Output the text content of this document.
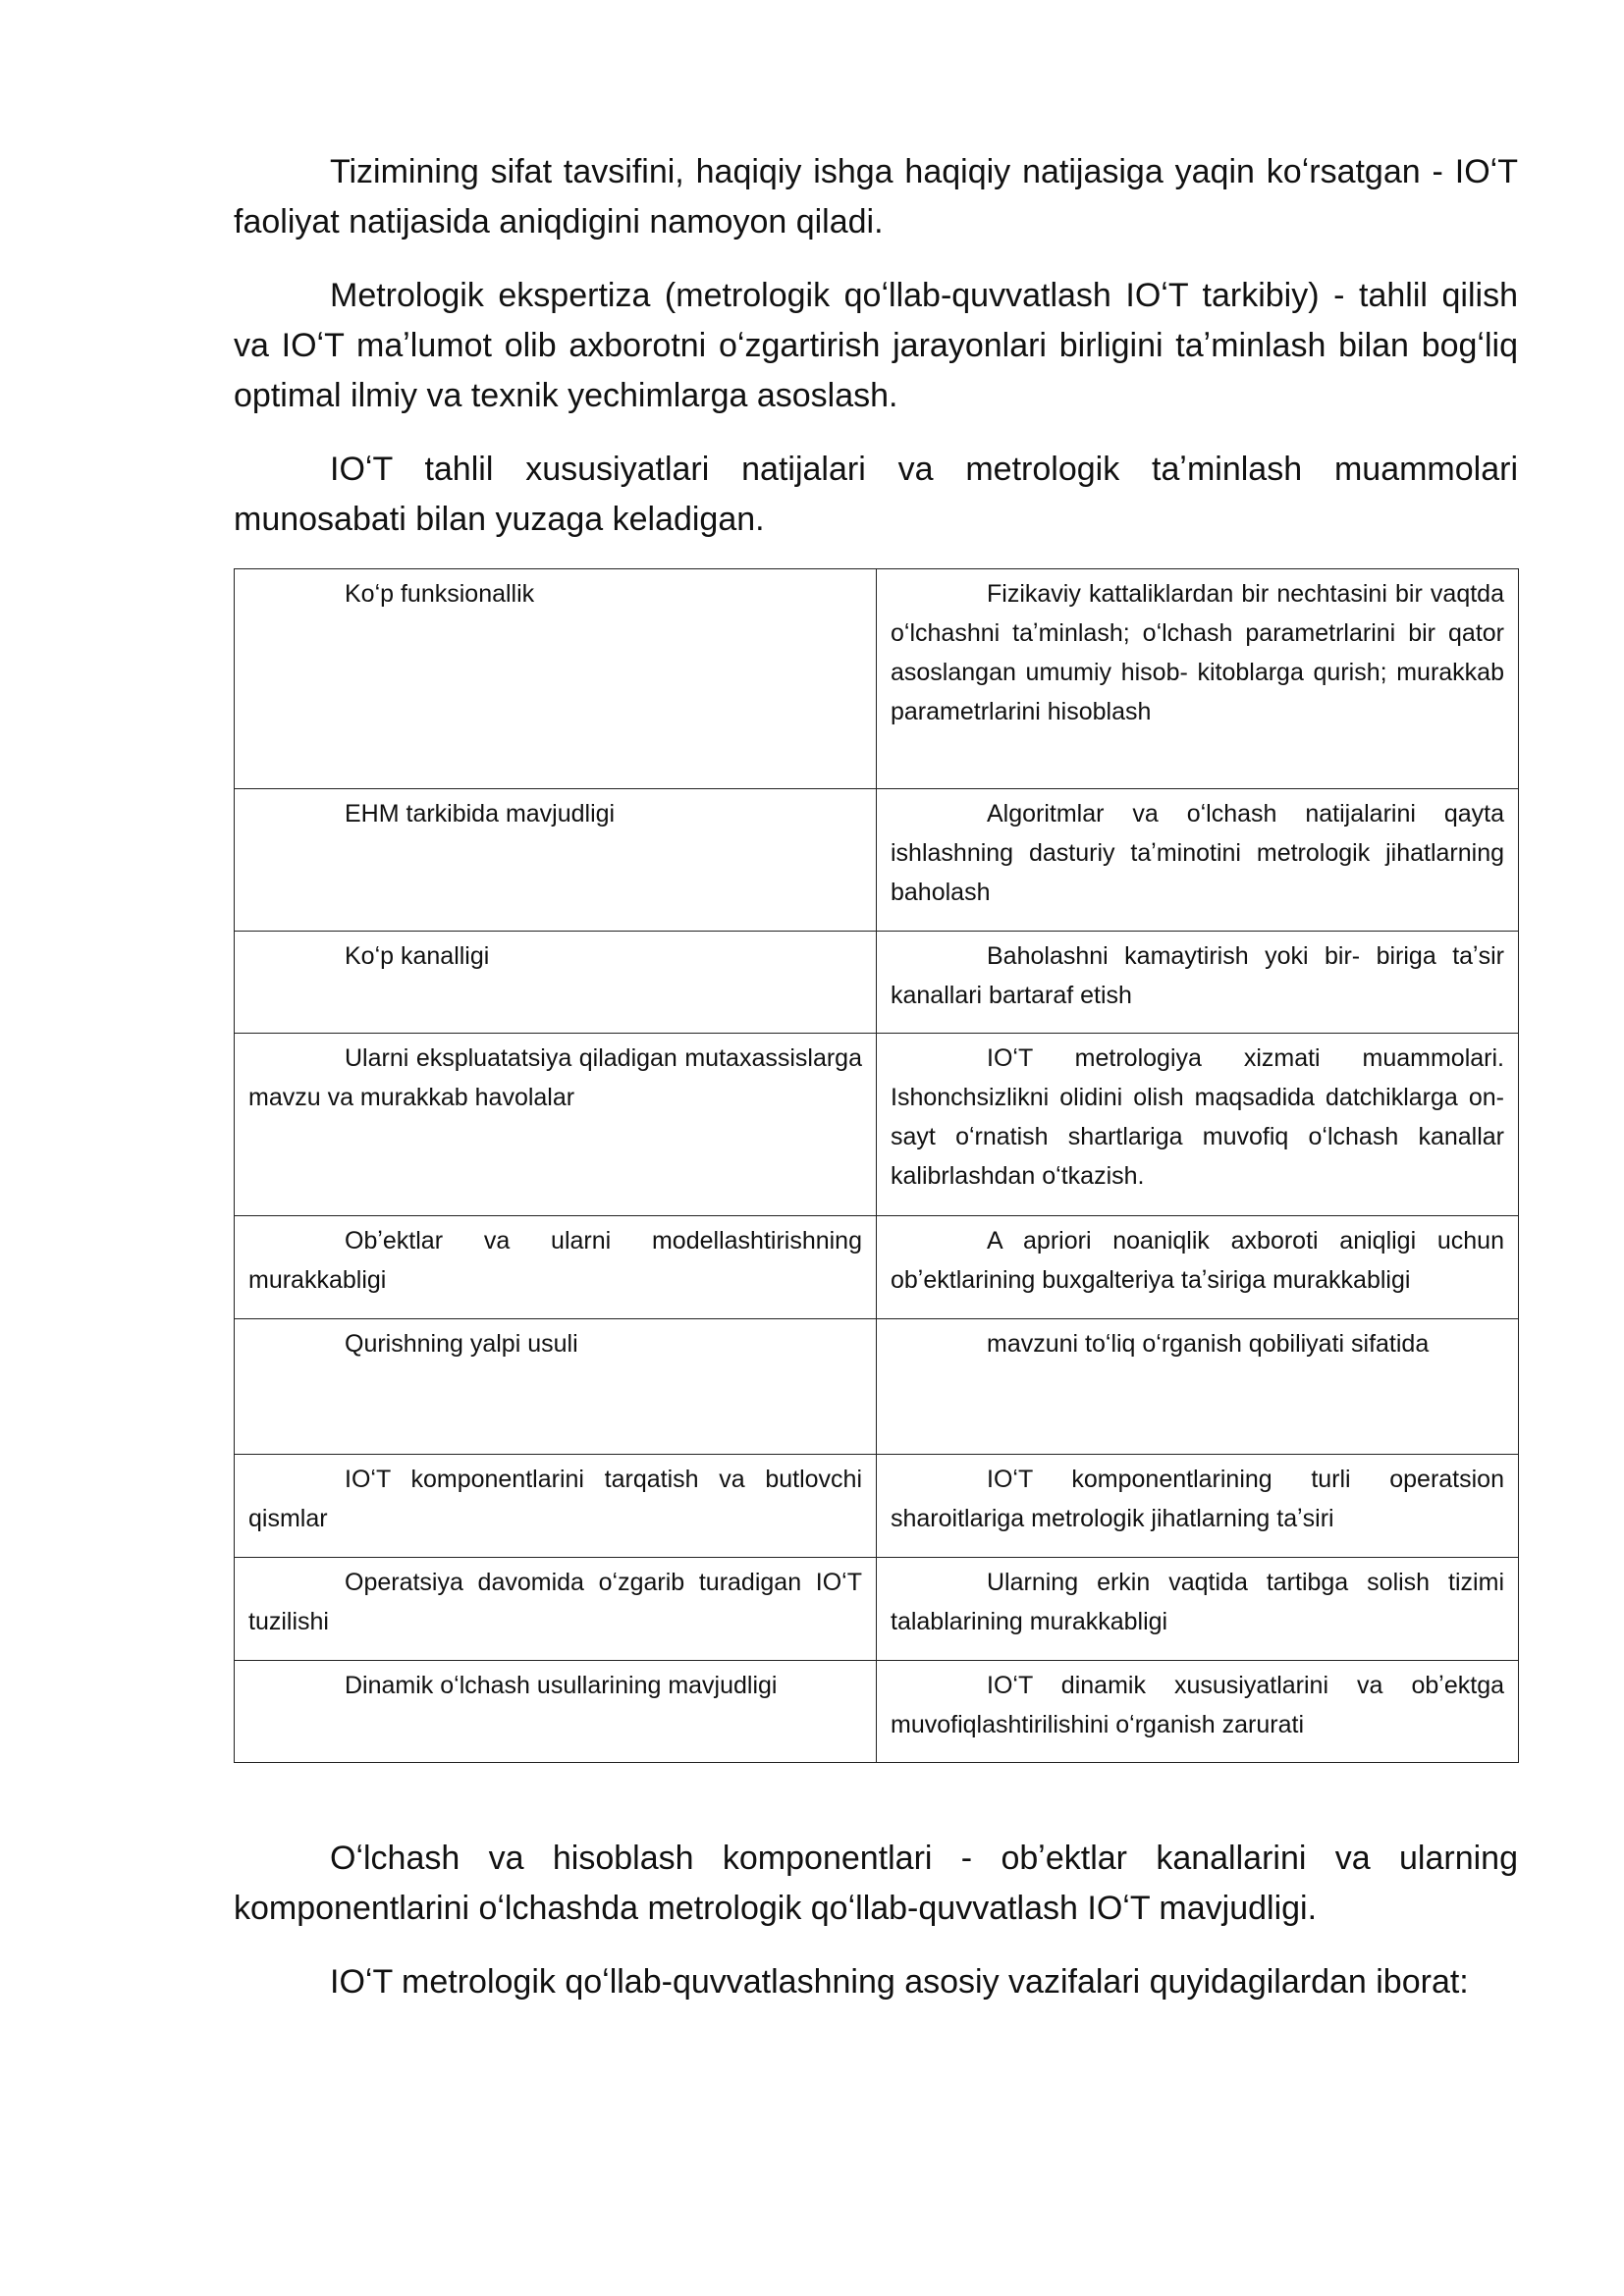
Tizimining sifat tavsifini, haqiqiy ishga haqiqiy natijasiga yaqin koʻrsatgan - IOʻT faoliyat natijasida aniqdigini namoyon qiladi.

Metrologik ekspertiza (metrologik qoʻllab-quvvatlash IOʻT tarkibiy) - tahlil qilish va IOʻT maʼlumot olib axborotni oʻzgartirish jarayonlari birligini taʼminlash bilan bogʻliq optimal ilmiy va texnik yechimlarga asoslash.

IOʻT tahlil xususiyatlari natijalari va metrologik taʼminlash muammolari munosabati bilan yuzaga keladigan.

Koʻp funksionallik	Fizikaviy kattaliklardan bir nechtasini bir vaqtda oʻlchashni taʼminlash; oʻlchash parametrlarini bir qator asoslangan umumiy hisob- kitoblarga qurish; murakkab parametrlarini hisoblash
EHM tarkibida mavjudligi	Algoritmlar va oʻlchash natijalarini qayta ishlashning dasturiy taʼminotini metrologik jihatlarning baholash
Koʻp kanalligi	Baholashni kamaytirish yoki bir- biriga taʼsir kanallari bartaraf etish
Ularni ekspluatatsiya qiladigan mutaxassislarga mavzu va murakkab havolalar	IOʻT metrologiya xizmati muammolari. Ishonchsizlikni olidini olish maqsadida datchiklarga on-sayt oʻrnatish shartlariga muvofiq oʻlchash kanallar kalibrlashdan oʻtkazish.
Obʼektlar va ularni modellashtirishning murakkabligi	A apriori noaniqlik axboroti aniqligi uchun obʼektlarining buxgalteriya taʼsiriga murakkabligi
Qurishning yalpi usuli	mavzuni toʻliq oʻrganish qobiliyati sifatida
IOʻT komponentlarini tarqatish va butlovchi qismlar	IOʻT komponentlarining turli operatsion sharoitlariga metrologik jihatlarning taʼsiri
Operatsiya davomida oʻzgarib turadigan IOʻT tuzilishi	Ularning erkin vaqtida tartibga solish tizimi talablarining murakkabligi
Dinamik oʻlchash usullarining mavjudligi	IOʻT dinamik xususiyatlarini va obʼektga muvofiqlashtirilishini oʻrganish zarurati

Oʻlchash va hisoblash komponentlari - obʼektlar kanallarini va ularning komponentlarini oʻlchashda metrologik qoʻllab-quvvatlash IOʻT mavjudligi.

IOʻT metrologik qoʻllab-quvvatlashning asosiy vazifalari quyidagilardan iborat:
